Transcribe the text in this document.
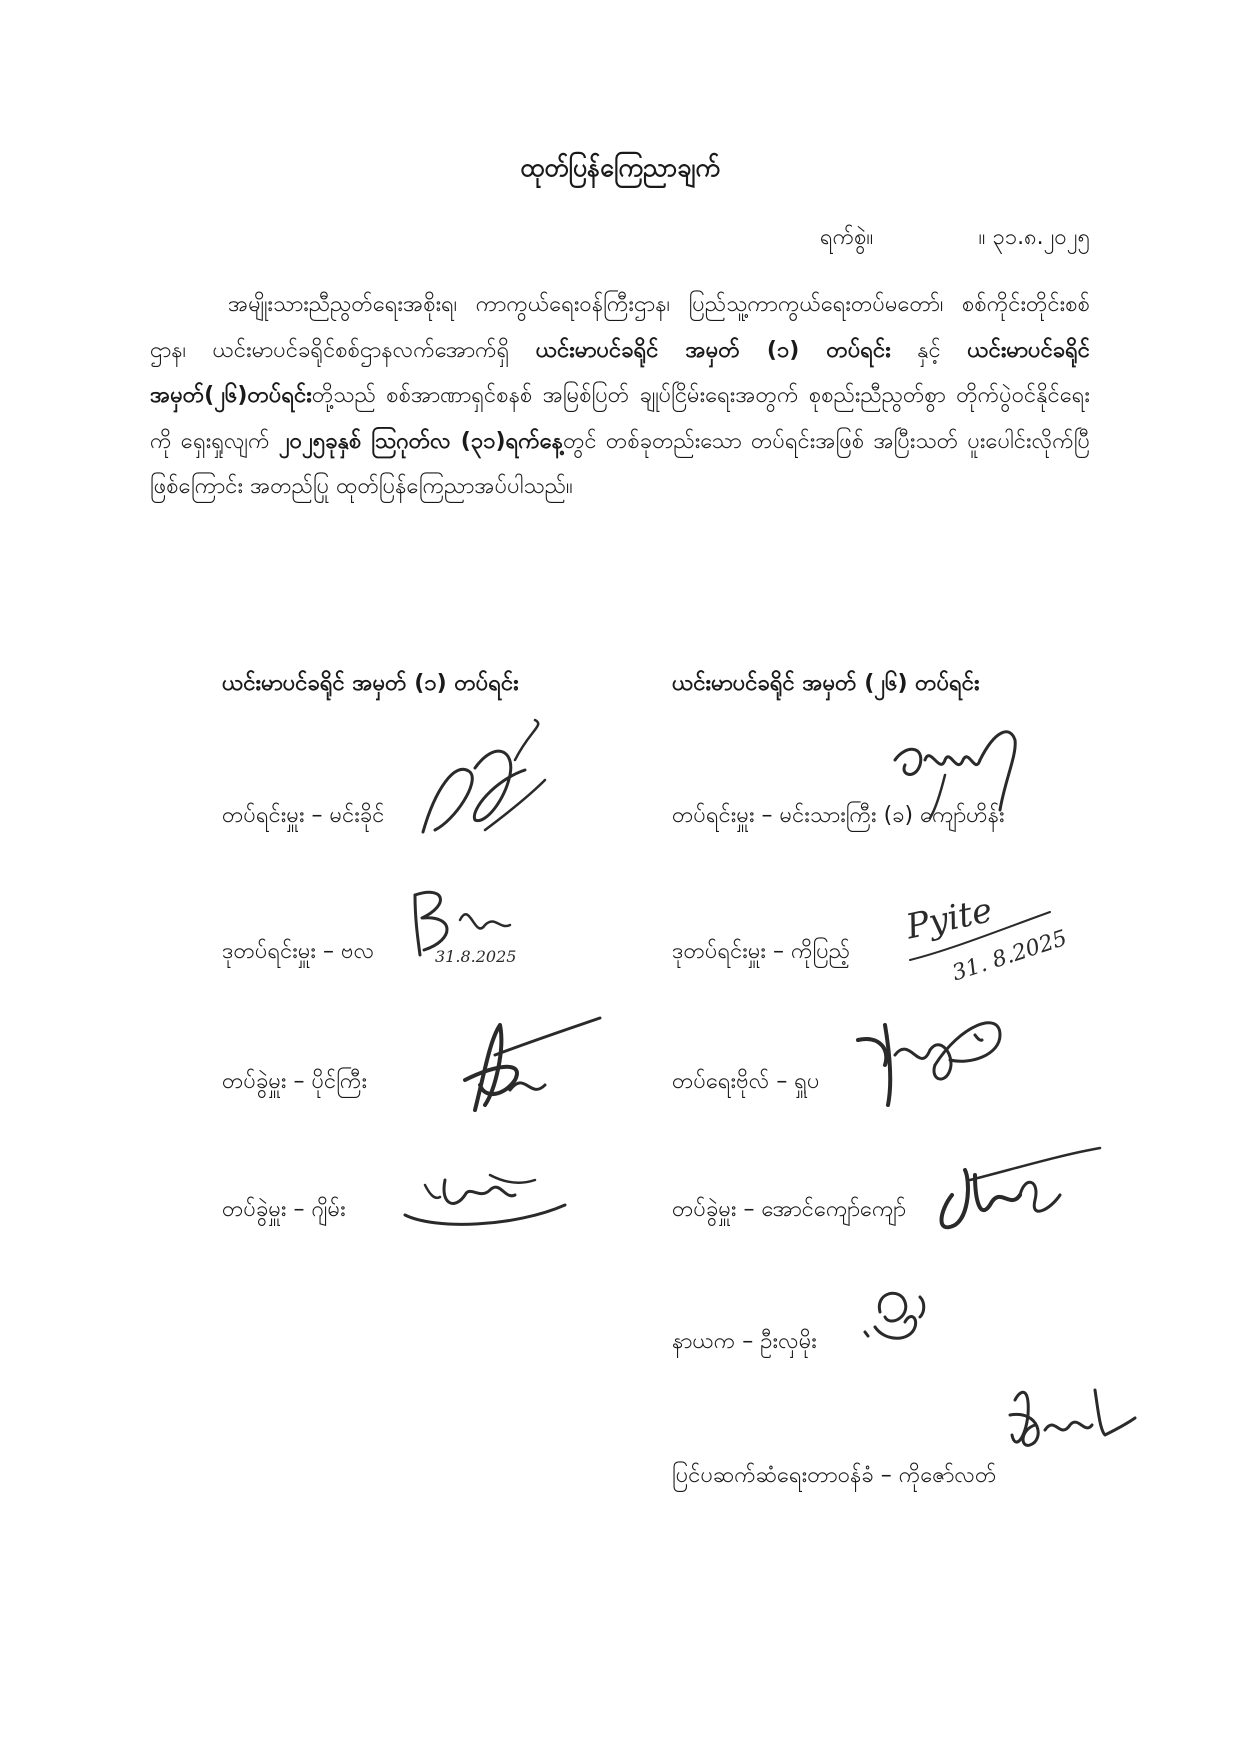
ထုတ်ပြန်ကြေညာချက်
ရက်စွဲ။	။ ၃၁.၈.၂၀၂၅
အမျိုးသားညီညွတ်ရေးအစိုးရ၊ ကာကွယ်ရေးဝန်ကြီးဌာန၊ ပြည်သူ့ကာကွယ်ရေးတပ်မတော်၊ စစ်ကိုင်းတိုင်းစစ်ဌာန၊ ယင်းမာပင်ခရိုင်စစ်ဌာနလက်အောက်ရှိ ယင်းမာပင်ခရိုင် အမှတ် (၁) တပ်ရင်း နှင့် ယင်းမာပင်ခရိုင် အမှတ်(၂၆)တပ်ရင်းတို့သည် စစ်အာဏာရှင်စနစ် အမြစ်ပြတ် ချုပ်ငြိမ်းရေးအတွက် စုစည်းညီညွတ်စွာ တိုက်ပွဲဝင်နိုင်ရေးကို ရှေးရှုလျက် ၂၀၂၅ခုနှစ် ဩဂုတ်လ (၃၁)ရက်နေ့တွင် တစ်ခုတည်းသော တပ်ရင်းအဖြစ် အပြီးသတ် ပူးပေါင်းလိုက်ပြီဖြစ်ကြောင်း အတည်ပြု ထုတ်ပြန်ကြေညာအပ်ပါသည်။
ယင်းမာပင်ခရိုင် အမှတ် (၁) တပ်ရင်း
တပ်ရင်းမှူး – မင်းခိုင်
ဒုတပ်ရင်းမှူး – ဗလ
တပ်ခွဲမှူး – ပိုင်ကြီး
တပ်ခွဲမှူး – ဂျိမ်း
31.8.2025
ယင်းမာပင်ခရိုင် အမှတ် (၂၆) တပ်ရင်း
တပ်ရင်းမှူး – မင်းသားကြီး (ခ) ကျော်ဟိန်း
ဒုတပ်ရင်းမှူး – ကိုပြည့်
တပ်ရေးဗိုလ် – ရှူပ
တပ်ခွဲမှူး – အောင်ကျော်ကျော်
နာယက – ဦးလှမိုး
ပြင်ပဆက်ဆံရေးတာဝန်ခံ – ကိုဇော်လတ်
Pyite
31. 8.2025
